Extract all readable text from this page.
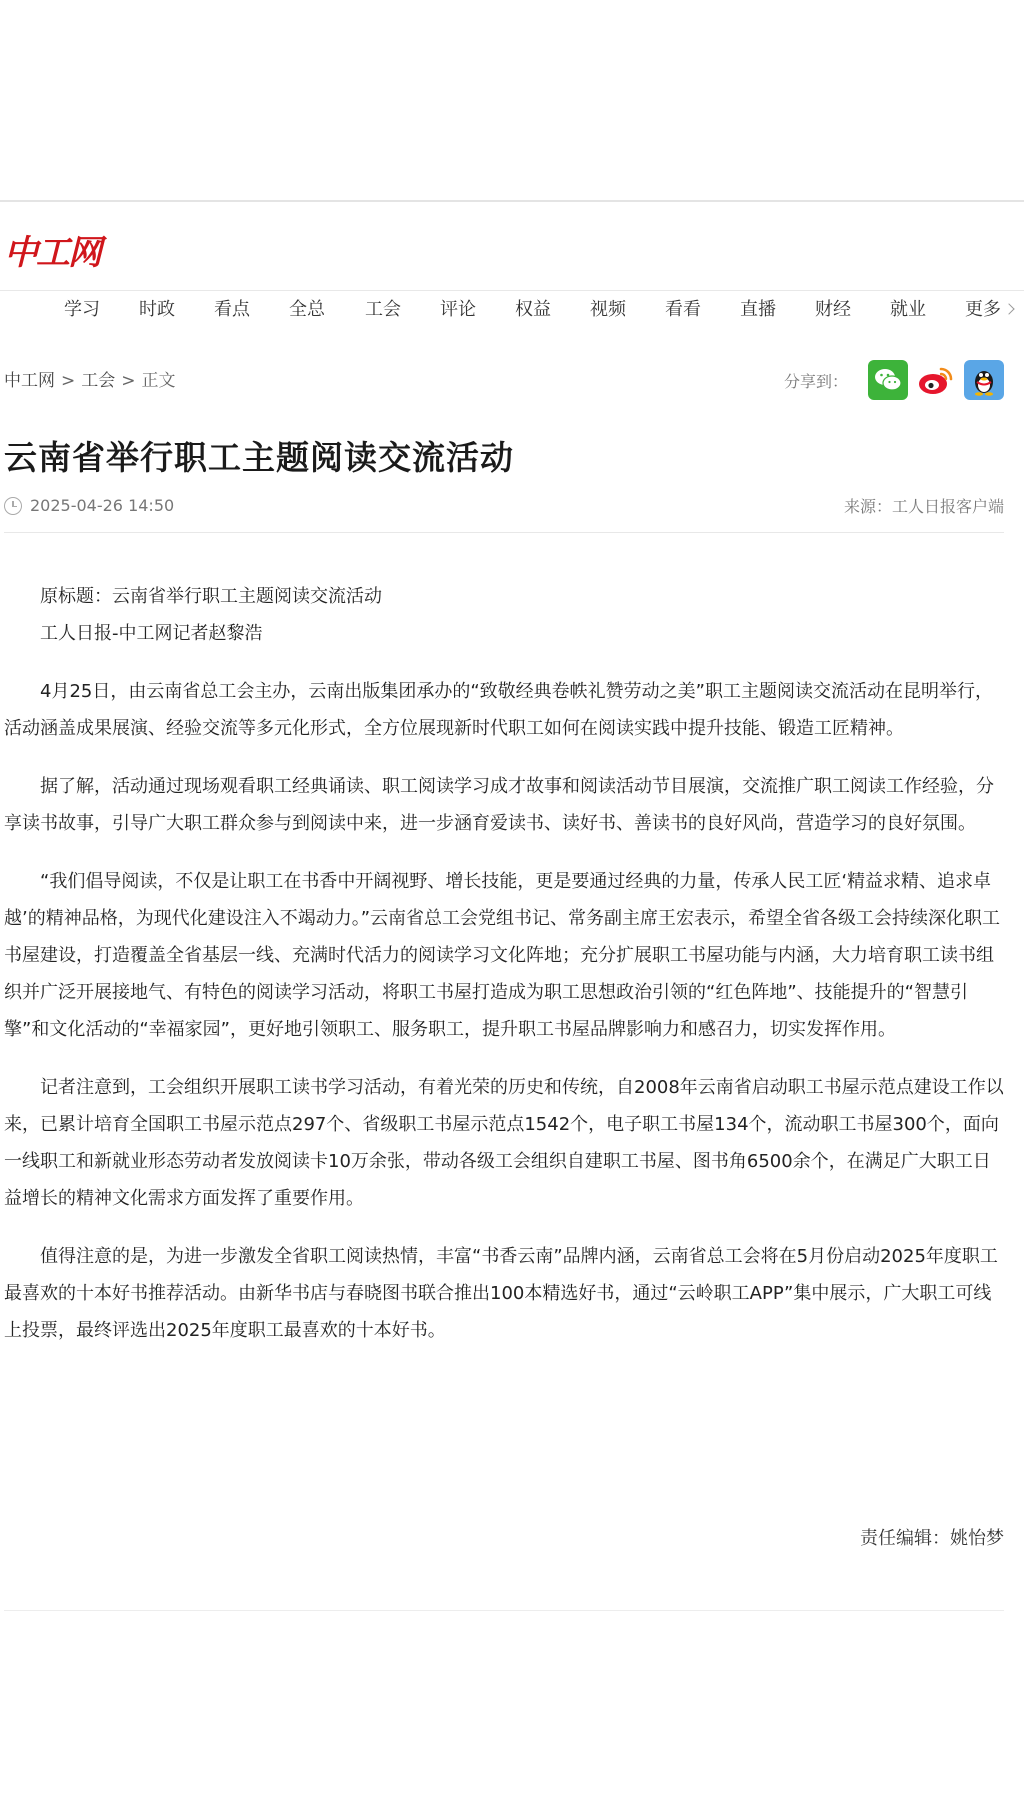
中工网
学习 时政 看点 全总 工会 评论 权益 视频 看看 直播 财经 就业 更多
中工网 > 工会 > 正文	分享到：
云南省举行职工主题阅读交流活动
2025-04-26 14:50	来源：工人日报客户端

原标题：云南省举行职工主题阅读交流活动

工人日报-中工网记者赵黎浩

4月25日，由云南省总工会主办，云南出版集团承办的“致敬经典卷帙礼赞劳动之美”职工主题阅读交流活动在昆明举行，活动涵盖成果展演、经验交流等多元化形式，全方位展现新时代职工如何在阅读实践中提升技能、锻造工匠精神。

据了解，活动通过现场观看职工经典诵读、职工阅读学习成才故事和阅读活动节目展演，交流推广职工阅读工作经验，分享读书故事，引导广大职工群众参与到阅读中来，进一步涵育爱读书、读好书、善读书的良好风尚，营造学习的良好氛围。

“我们倡导阅读，不仅是让职工在书香中开阔视野、增长技能，更是要通过经典的力量，传承人民工匠‘精益求精、追求卓越’的精神品格，为现代化建设注入不竭动力。”云南省总工会党组书记、常务副主席王宏表示，希望全省各级工会持续深化职工书屋建设，打造覆盖全省基层一线、充满时代活力的阅读学习文化阵地；充分扩展职工书屋功能与内涵，大力培育职工读书组织并广泛开展接地气、有特色的阅读学习活动，将职工书屋打造成为职工思想政治引领的“红色阵地”、技能提升的“智慧引擎”和文化活动的“幸福家园”，更好地引领职工、服务职工，提升职工书屋品牌影响力和感召力，切实发挥作用。

记者注意到，工会组织开展职工读书学习活动，有着光荣的历史和传统，自2008年云南省启动职工书屋示范点建设工作以来，已累计培育全国职工书屋示范点297个、省级职工书屋示范点1542个，电子职工书屋134个，流动职工书屋300个，面向一线职工和新就业形态劳动者发放阅读卡10万余张，带动各级工会组织自建职工书屋、图书角6500余个，在满足广大职工日益增长的精神文化需求方面发挥了重要作用。

值得注意的是，为进一步激发全省职工阅读热情，丰富“书香云南”品牌内涵，云南省总工会将在5月份启动2025年度职工最喜欢的十本好书推荐活动。由新华书店与春晓图书联合推出100本精选好书，通过“云岭职工APP”集中展示，广大职工可线上投票，最终评选出2025年度职工最喜欢的十本好书。

责任编辑：姚怡梦
